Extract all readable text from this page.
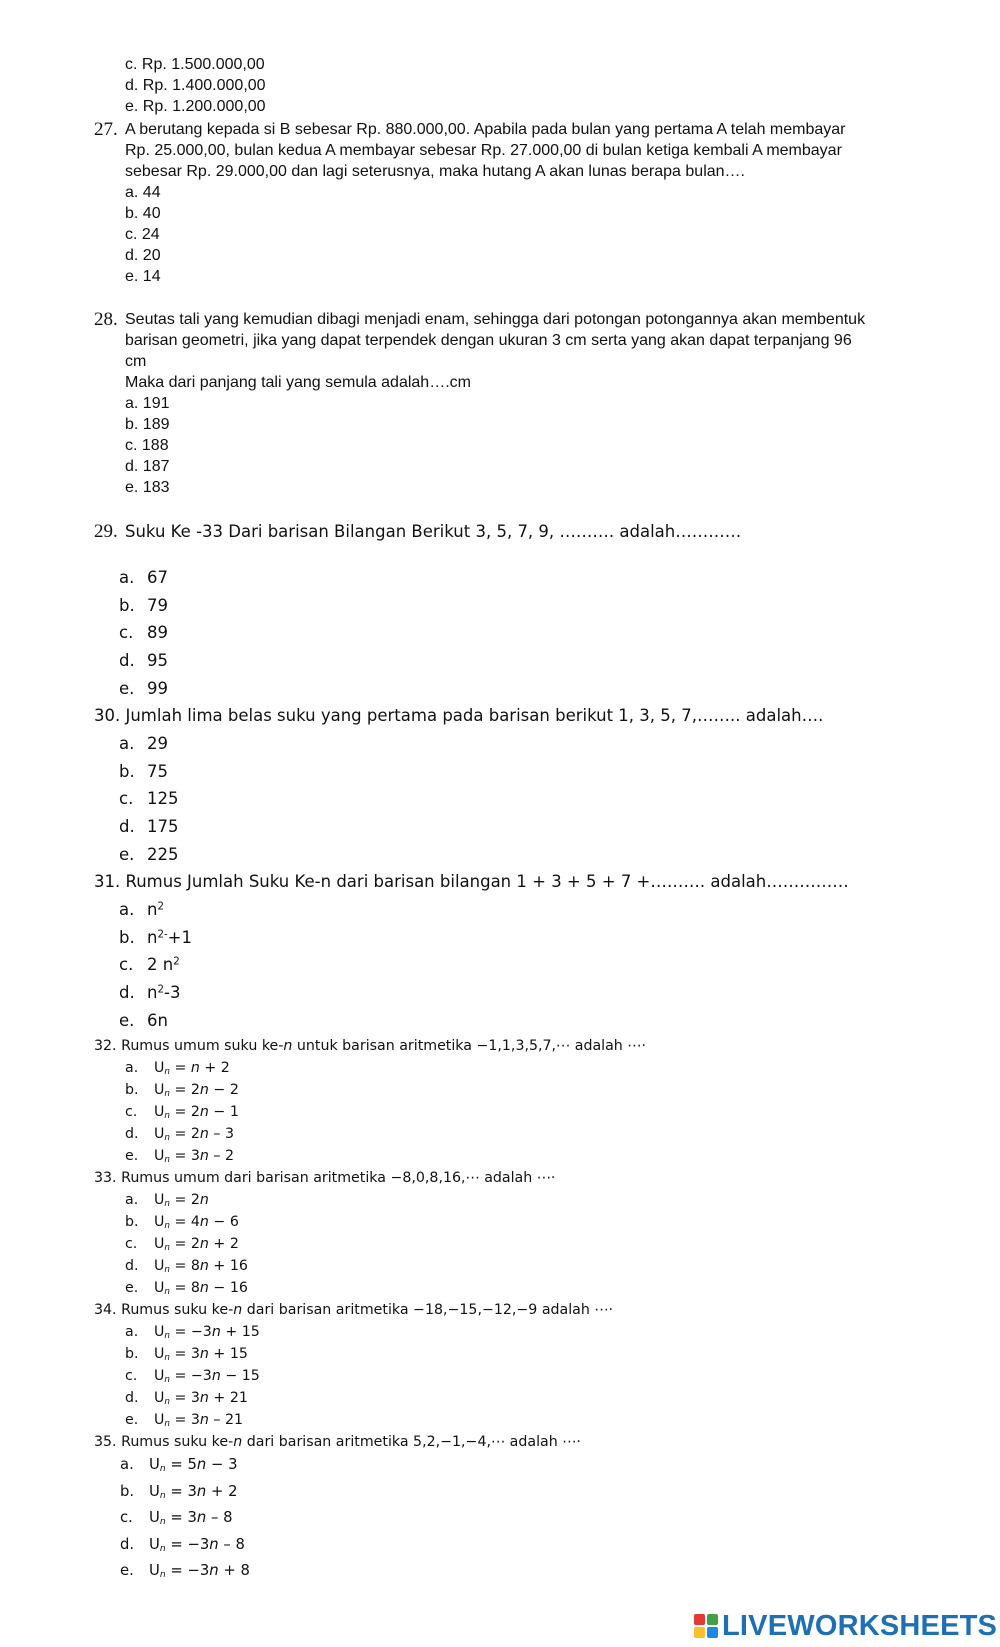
c. Rp. 1.500.000,00
d. Rp. 1.400.000,00
e. Rp. 1.200.000,00
27. A berutang kepada si B sebesar Rp. 880.000,00. Apabila pada bulan yang pertama A telah membayar
Rp. 25.000,00, bulan kedua A membayar sebesar Rp. 27.000,00 di bulan ketiga kembali A membayar
sebesar Rp. 29.000,00 dan lagi seterusnya, maka hutang A akan lunas berapa bulan….
a. 44
b. 40
c. 24
d. 20
e. 14
28. Seutas tali yang kemudian dibagi menjadi enam, sehingga dari potongan potongannya akan membentuk
barisan geometri, jika yang dapat terpendek dengan ukuran 3 cm serta yang akan dapat terpanjang 96
cm
Maka dari panjang tali yang semula adalah….cm
a. 191
b. 189
c. 188
d. 187
e. 183
29. Suku Ke -33 Dari barisan Bilangan Berikut 3, 5, 7, 9, ………. adalah…………
a. 67
b. 79
c. 89
d. 95
e. 99
30. Jumlah lima belas suku yang pertama pada barisan berikut 1, 3, 5, 7,…….. adalah….
a. 29
b. 75
c. 125
d. 175
e. 225
31. Rumus Jumlah Suku Ke-n dari barisan bilangan 1 + 3 + 5 + 7 +………. adalah……………
a. $n^2$
b. $n^{2-}+1$
c. 2 $n^2$
d. $n^2-3$
e. 6n
32. Rumus umum suku ke-n untuk barisan aritmetika −1,1,3,5,7,⋯ adalah ⋯⋅
a. $U_n = n + 2$
b. $U_n = 2n - 2$
c. $U_n = 2n - 1$
d. $U_n = 2n - 3$
e. $U_n = 3n - 2$
33. Rumus umum dari barisan aritmetika −8,0,8,16,⋯ adalah ⋯⋅
a. $U_n = 2n$
b. $U_n = 4n - 6$
c. $U_n = 2n + 2$
d. $U_n = 8n + 16$
e. $U_n = 8n - 16$
34. Rumus suku ke-n dari barisan aritmetika −18,−15,−12,−9 adalah ⋯⋅
a. $U_n = -3n + 15$
b. $U_n = 3n + 15$
c. $U_n = -3n - 15$
d. $U_n = 3n + 21$
e. $U_n = 3n - 21$
35. Rumus suku ke-n dari barisan aritmetika 5,2,−1,−4,⋯ adalah ⋯⋅
a. $U_n = 5n - 3$
b. $U_n = 3n + 2$
c. $U_n = 3n - 8$
d. $U_n = -3n - 8$
e. $U_n = -3n + 8$
LIVEWORKSHEETS
